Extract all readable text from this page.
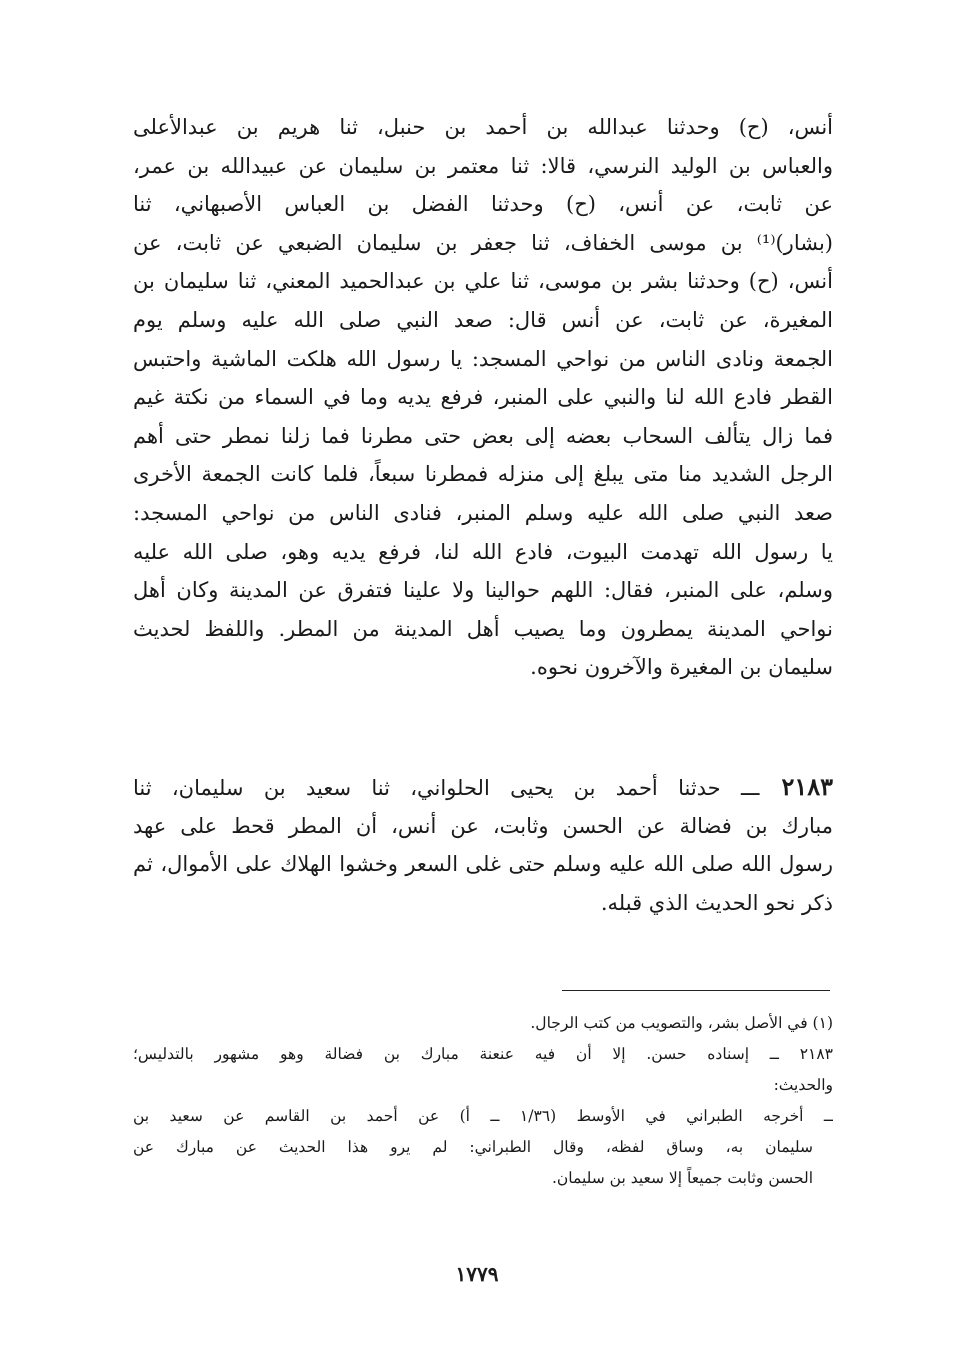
أنس، (ح) وحدثنا عبدالله بن أحمد بن حنبل، ثنا هريم بن عبدالأعلى
والعباس بن الوليد النرسي، قالا: ثنا معتمر بن سليمان عن عبيدالله بن عمر،
عن ثابت، عن أنس، (ح) وحدثنا الفضل بن العباس الأصبهاني، ثنا
(بشار)⁽¹⁾ بن موسى الخفاف، ثنا جعفر بن سليمان الضبعي عن ثابت، عن
أنس، (ح) وحدثنا بشر بن موسى، ثنا علي بن عبدالحميد المعني، ثنا سليمان بن
المغيرة، عن ثابت، عن أنس قال: صعد النبي صلى الله عليه وسلم يوم
الجمعة ونادى الناس من نواحي المسجد: يا رسول الله هلكت الماشية واحتبس
القطر فادع الله لنا والنبي على المنبر، فرفع يديه وما في السماء من نكتة غيم
فما زال يتألف السحاب بعضه إلى بعض حتى مطرنا فما زلنا نمطر حتى أهم
الرجل الشديد منا متى يبلغ إلى منزله فمطرنا سبعاً، فلما كانت الجمعة الأخرى
صعد النبي صلى الله عليه وسلم المنبر، فنادى الناس من نواحي المسجد:
يا رسول الله تهدمت البيوت، فادع الله لنا، فرفع يديه وهو، صلى الله عليه
وسلم، على المنبر، فقال: اللهم حوالينا ولا علينا فتفرق عن المدينة وكان أهل
نواحي المدينة يمطرون وما يصيب أهل المدينة من المطر. واللفظ لحديث
سليمان بن المغيرة والآخرون نحوه.
٢١٨٣ ـــ حدثنا أحمد بن يحيى الحلواني، ثنا سعيد بن سليمان، ثنا
مبارك بن فضالة عن الحسن وثابت، عن أنس، أن المطر قحط على عهد
رسول الله صلى الله عليه وسلم حتى غلى السعر وخشوا الهلاك على الأموال، ثم
ذكر نحو الحديث الذي قبله.
(١) في الأصل بشر، والتصويب من كتب الرجال.
٢١٨٣ ــ إسناده حسن. إلا أن فيه عنعنة مبارك بن فضالة وهو مشهور بالتدليس؛
والحديث:
ــ أخرجه الطبراني في الأوسط (١/٣٦ ــ أ) عن أحمد بن القاسم عن سعيد بن
سليمان به، وساق لفظه، وقال الطبراني: لم يرو هذا الحديث عن مبارك عن
الحسن وثابت جميعاً إلا سعيد بن سليمان.
١٧٧٩
